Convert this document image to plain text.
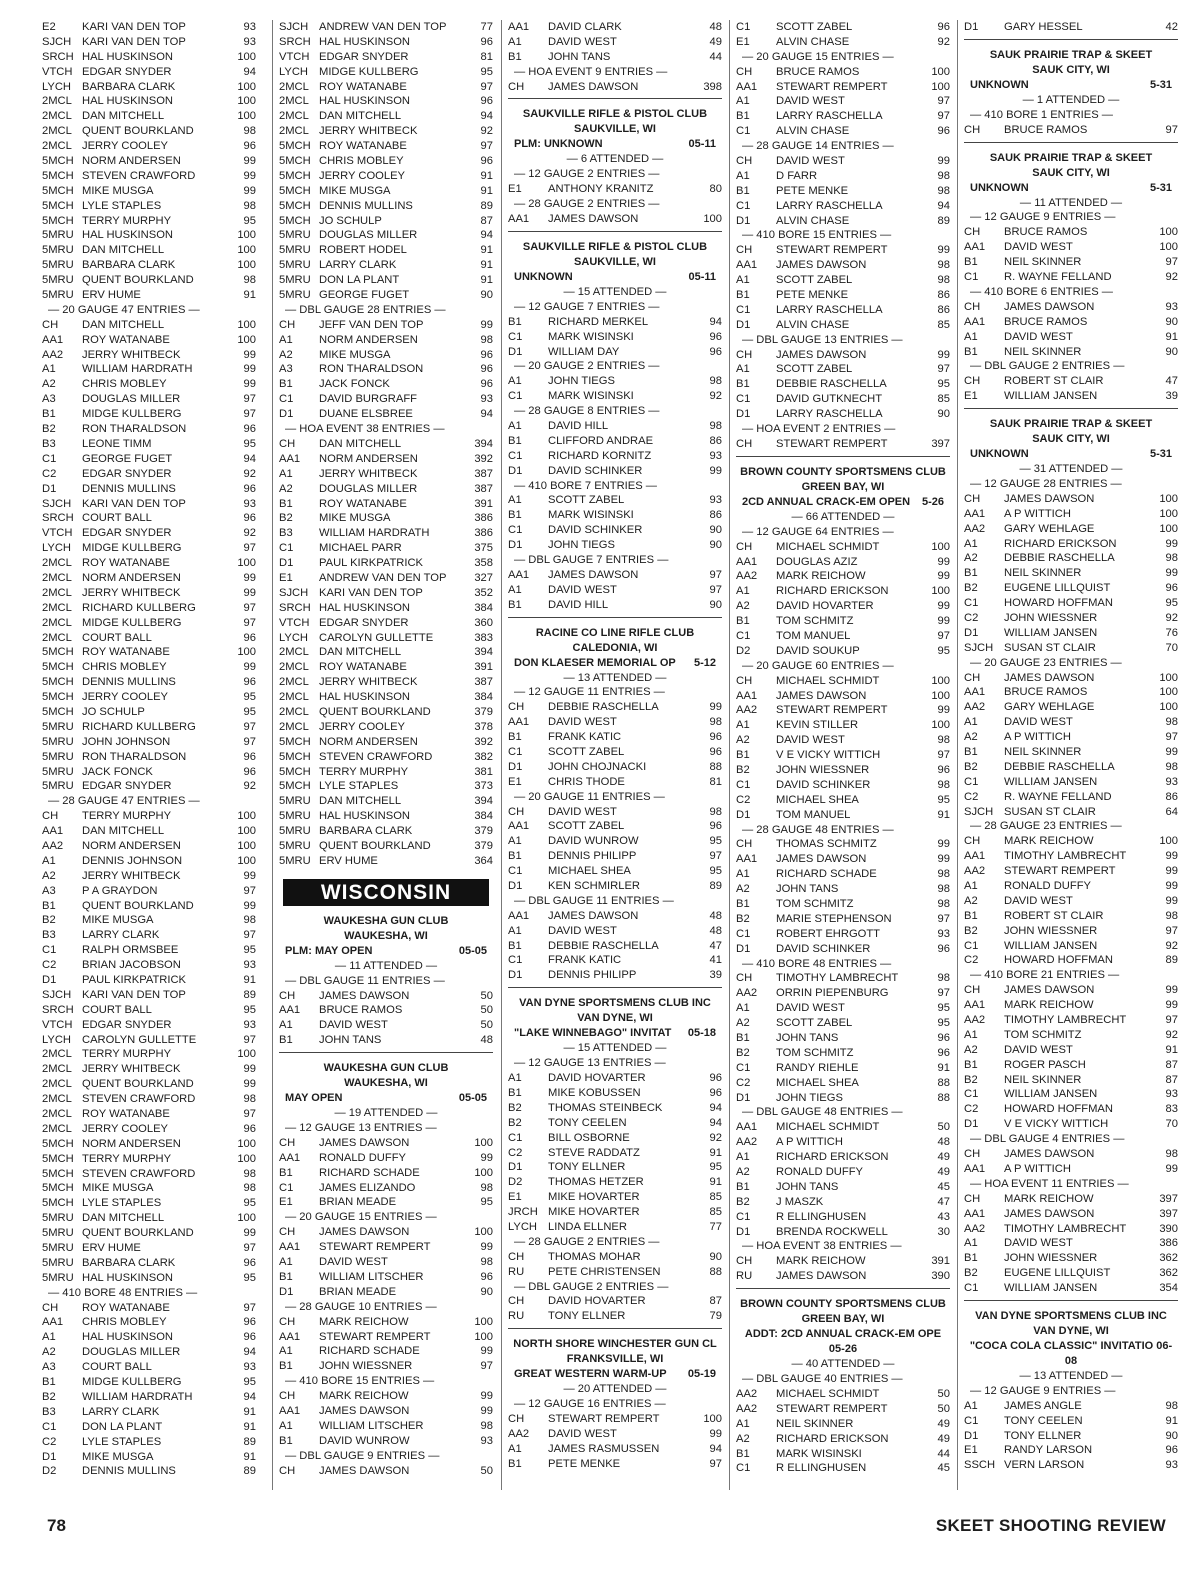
E2	KARI VAN DEN TOP	93
SJCH KARI VAN DEN TOP	93
SRCH HAL HUSKINSON	100
VTCH EDGAR SNYDER	94
LYCH BARBARA CLARK	100
2MCL HAL HUSKINSON	100
2MCL DAN MITCHELL	100
2MCL QUENT BOURKLAND	98
2MCL JERRY COOLEY	96
5MCH NORM ANDERSEN	99
5MCH STEVEN CRAWFORD	99
5MCH MIKE MUSGA	99
5MCH LYLE STAPLES	98
5MCH TERRY MURPHY	95
5MRU HAL HUSKINSON	100
5MRU DAN MITCHELL	100
5MRU BARBARA CLARK	100
5MRU QUENT BOURKLAND	98
5MRU ERV HUME	91
— 20 GAUGE 47 ENTRIES —
CH	DAN MITCHELL	100
AA1	ROY WATANABE	100
AA2	JERRY WHITBECK	99
A1	WILLIAM HARDRATH	99
A2	CHRIS MOBLEY	99
A3	DOUGLAS MILLER	97
B1	MIDGE KULLBERG	97
B2	RON THARALDSON	96
B3	LEONE TIMM	95
C1	GEORGE FUGET	94
C2	EDGAR SNYDER	92
D1	DENNIS MULLINS	96
SJCH KARI VAN DEN TOP	93
SRCH COURT BALL	96
VTCH EDGAR SNYDER	92
LYCH MIDGE KULLBERG	97
2MCL ROY WATANABE	100
2MCL NORM ANDERSEN	99
2MCL JERRY WHITBECK	99
2MCL RICHARD KULLBERG	97
2MCL MIDGE KULLBERG	97
2MCL COURT BALL	96
5MCH ROY WATANABE	100
5MCH CHRIS MOBLEY	99
5MCH DENNIS MULLINS	96
5MCH JERRY COOLEY	95
5MCH JO SCHULP	95
5MRU RICHARD KULLBERG	97
5MRU JOHN JOHNSON	97
5MRU RON THARALDSON	96
5MRU JACK FONCK	96
5MRU EDGAR SNYDER	92
— 28 GAUGE 47 ENTRIES —
CH	TERRY MURPHY	100
AA1	DAN MITCHELL	100
AA2	NORM ANDERSEN	100
A1	DENNIS JOHNSON	100
A2	JERRY WHITBECK	99
A3	P A GRAYDON	97
B1	QUENT BOURKLAND	99
B2	MIKE MUSGA	98
B3	LARRY CLARK	97
C1	RALPH ORMSBEE	95
C2	BRIAN JACOBSON	93
D1	PAUL KIRKPATRICK	91
SJCH KARI VAN DEN TOP	89
SRCH COURT BALL	95
VTCH EDGAR SNYDER	93
LYCH CAROLYN GULLETTE	97
2MCL TERRY MURPHY	100
2MCL JERRY WHITBECK	99
2MCL QUENT BOURKLAND	99
2MCL STEVEN CRAWFORD	98
2MCL ROY WATANABE	97
2MCL JERRY COOLEY	96
5MCH NORM ANDERSEN	100
5MCH TERRY MURPHY	100
5MCH STEVEN CRAWFORD	98
5MCH MIKE MUSGA	98
5MCH LYLE STAPLES	95
5MRU DAN MITCHELL	100
5MRU QUENT BOURKLAND	99
5MRU ERV HUME	97
5MRU BARBARA CLARK	96
5MRU HAL HUSKINSON	95
— 410 BORE 48 ENTRIES —
CH	ROY WATANABE	97
AA1	CHRIS MOBLEY	96
A1	HAL HUSKINSON	96
A2	DOUGLAS MILLER	94
A3	COURT BALL	93
B1	MIDGE KULLBERG	95
B2	WILLIAM HARDRATH	94
B3	LARRY CLARK	91
C1	DON LA PLANT	91
C2	LYLE STAPLES	89
D1	MIKE MUSGA	91
D2	DENNIS MULLINS	89
SJCH ANDREW VAN DEN TOP	77
SRCH HAL HUSKINSON	96
VTCH EDGAR SNYDER	81
LYCH MIDGE KULLBERG	95
2MCL ROY WATANABE	97
2MCL HAL HUSKINSON	96
2MCL DAN MITCHELL	94
2MCL JERRY WHITBECK	92
5MCH ROY WATANABE	97
5MCH CHRIS MOBLEY	96
5MCH JERRY COOLEY	91
5MCH MIKE MUSGA	91
5MCH DENNIS MULLINS	89
5MCH JO SCHULP	87
5MRU DOUGLAS MILLER	94
5MRU ROBERT HODEL	91
5MRU LARRY CLARK	91
5MRU DON LA PLANT	91
5MRU GEORGE FUGET	90
— DBL GAUGE 28 ENTRIES —
CH	JEFF VAN DEN TOP	99
A1	NORM ANDERSEN	98
A2	MIKE MUSGA	96
A3	RON THARALDSON	96
B1	JACK FONCK	96
C1	DAVID BURGRAFF	93
D1	DUANE ELSBREE	94
— HOA EVENT 38 ENTRIES —
CH	DAN MITCHELL	394
AA1	NORM ANDERSEN	392
A1	JERRY WHITBECK	387
A2	DOUGLAS MILLER	387
B1	ROY WATANABE	391
B2	MIKE MUSGA	386
B3	WILLIAM HARDRATH	386
C1	MICHAEL PARR	375
D1	PAUL KIRKPATRICK	358
E1	ANDREW VAN DEN TOP	327
SJCH KARI VAN DEN TOP	352
SRCH HAL HUSKINSON	384
VTCH EDGAR SNYDER	360
LYCH CAROLYN GULLETTE	383
2MCL DAN MITCHELL	394
2MCL ROY WATANABE	391
2MCL JERRY WHITBECK	387
2MCL HAL HUSKINSON	384
2MCL QUENT BOURKLAND	379
2MCL JERRY COOLEY	378
5MCH NORM ANDERSEN	392
5MCH STEVEN CRAWFORD	382
5MCH TERRY MURPHY	381
5MCH LYLE STAPLES	373
5MRU DAN MITCHELL	394
5MRU HAL HUSKINSON	384
5MRU BARBARA CLARK	379
5MRU QUENT BOURKLAND	379
5MRU ERV HUME	364
WISCONSIN
WAUKESHA GUN CLUB
WAUKESHA, WI
PLM: MAY OPEN	05-05
— 11 ATTENDED —
— DBL GAUGE 11 ENTRIES —
CH	JAMES DAWSON	50
AA1	BRUCE RAMOS	50
A1	DAVID WEST	50
B1	JOHN TANS	48
WAUKESHA GUN CLUB
WAUKESHA, WI
MAY OPEN	05-05
— 19 ATTENDED —
— 12 GAUGE 13 ENTRIES —
CH	JAMES DAWSON	100
AA1	RONALD DUFFY	99
B1	RICHARD SCHADE	100
C1	JAMES ELIZANDO	98
E1	BRIAN MEADE	95
— 20 GAUGE 15 ENTRIES —
CH	JAMES DAWSON	100
AA1	STEWART REMPERT	99
A1	DAVID WEST	98
B1	WILLIAM LITSCHER	96
D1	BRIAN MEADE	90
— 28 GAUGE 10 ENTRIES —
CH	MARK REICHOW	100
AA1	STEWART REMPERT	100
A1	RICHARD SCHADE	99
B1	JOHN WIESSNER	97
— 410 BORE 15 ENTRIES —
CH	MARK REICHOW	99
AA1	JAMES DAWSON	99
A1	WILLIAM LITSCHER	98
B1	DAVID WUNROW	93
— DBL GAUGE 9 ENTRIES —
CH	JAMES DAWSON	50
AA1	DAVID CLARK	48
A1	DAVID WEST	49
B1	JOHN TANS	44
— HOA EVENT 9 ENTRIES —
CH	JAMES DAWSON	398
SAUKVILLE RIFLE & PISTOL CLUB
SAUKVILLE, WI
PLM: UNKNOWN	05-11
— 6 ATTENDED —
— 12 GAUGE 2 ENTRIES —
E1	ANTHONY KRANITZ	80
— 28 GAUGE 2 ENTRIES —
AA1	JAMES DAWSON	100
SAUKVILLE RIFLE & PISTOL CLUB
SAUKVILLE, WI
UNKNOWN	05-11
— 15 ATTENDED —
— 12 GAUGE 7 ENTRIES —
B1	RICHARD MERKEL	94
C1	MARK WISINSKI	96
D1	WILLIAM DAY	96
— 20 GAUGE 2 ENTRIES —
A1	JOHN TIEGS	98
C1	MARK WISINSKI	92
— 28 GAUGE 8 ENTRIES —
A1	DAVID HILL	98
B1	CLIFFORD ANDRAE	86
C1	RICHARD KORNITZ	93
D1	DAVID SCHINKER	99
— 410 BORE 7 ENTRIES —
A1	SCOTT ZABEL	93
B1	MARK WISINSKI	86
C1	DAVID SCHINKER	90
D1	JOHN TIEGS	90
— DBL GAUGE 7 ENTRIES —
AA1	JAMES DAWSON	97
A1	DAVID WEST	97
B1	DAVID HILL	90
RACINE CO LINE RIFLE CLUB
CALEDONIA, WI
DON KLAESER MEMORIAL OP 5-12
— 13 ATTENDED —
— 12 GAUGE 11 ENTRIES —
CH	DEBBIE RASCHELLA	99
AA1	DAVID WEST	98
B1	FRANK KATIC	96
C1	SCOTT ZABEL	96
D1	JOHN CHOJNACKI	88
E1	CHRIS THODE	81
— 20 GAUGE 11 ENTRIES —
CH	DAVID WEST	98
AA1	SCOTT ZABEL	96
A1	DAVID WUNROW	95
B1	DENNIS PHILIPP	97
C1	MICHAEL SHEA	95
D1	KEN SCHMIRLER	89
— DBL GAUGE 11 ENTRIES —
AA1	JAMES DAWSON	48
A1	DAVID WEST	48
B1	DEBBIE RASCHELLA	47
C1	FRANK KATIC	41
D1	DENNIS PHILIPP	39
VAN DYNE SPORTSMENS CLUB INC
VAN DYNE, WI
"LAKE WINNEBAGO" INVITAT 05-18
— 15 ATTENDED —
— 12 GAUGE 13 ENTRIES —
A1	DAVID HOVARTER	96
B1	MIKE KOBUSSEN	96
B2	THOMAS STEINBECK	94
B2	TONY CEELEN	94
C1	BILL OSBORNE	92
C2	STEVE RADDATZ	91
D1	TONY ELLNER	95
D2	THOMAS HETZER	91
E1	MIKE HOVARTER	85
JRCH MIKE HOVARTER	85
LYCH LINDA ELLNER	77
— 28 GAUGE 2 ENTRIES —
CH	THOMAS MOHAR	90
RU	PETE CHRISTENSEN	88
— DBL GAUGE 2 ENTRIES —
CH	DAVID HOVARTER	87
RU	TONY ELLNER	79
NORTH SHORE WINCHESTER GUN CL
FRANKSVILLE, WI
GREAT WESTERN WARM-UP 05-19
— 20 ATTENDED —
— 12 GAUGE 16 ENTRIES —
CH	STEWART REMPERT	100
AA2	DAVID WEST	99
A1	JAMES RASMUSSEN	94
B1	PETE MENKE	97
C1	SCOTT ZABEL	96
E1	ALVIN CHASE	92
— 20 GAUGE 15 ENTRIES —
CH	BRUCE RAMOS	100
AA1	STEWART REMPERT	100
A1	DAVID WEST	97
B1	LARRY RASCHELLA	97
C1	ALVIN CHASE	96
— 28 GAUGE 14 ENTRIES —
CH	DAVID WEST	99
A1	D FARR	98
B1	PETE MENKE	98
C1	LARRY RASCHELLA	94
D1	ALVIN CHASE	89
— 410 BORE 15 ENTRIES —
CH	STEWART REMPERT	99
AA1	JAMES DAWSON	98
A1	SCOTT ZABEL	98
B1	PETE MENKE	86
C1	LARRY RASCHELLA	86
D1	ALVIN CHASE	85
— DBL GAUGE 13 ENTRIES —
CH	JAMES DAWSON	99
A1	SCOTT ZABEL	97
B1	DEBBIE RASCHELLA	95
C1	DAVID GUTKNECHT	85
D1	LARRY RASCHELLA	90
— HOA EVENT 2 ENTRIES —
CH	STEWART REMPERT	397
BROWN COUNTY SPORTSMENS CLUB
GREEN BAY, WI
2CD ANNUAL CRACK-EM OPEN 5-26
— 66 ATTENDED —
— 12 GAUGE 64 ENTRIES —
CH	MICHAEL SCHMIDT	100
AA1	DOUGLAS AZIZ	99
AA2	MARK REICHOW	99
A1	RICHARD ERICKSON	100
A2	DAVID HOVARTER	99
B1	TOM SCHMITZ	99
C1	TOM MANUEL	97
D2	DAVID SOUKUP	95
— 20 GAUGE 60 ENTRIES —
CH	MICHAEL SCHMIDT	100
AA1	JAMES DAWSON	100
AA2	STEWART REMPERT	99
A1	KEVIN STILLER	100
A2	DAVID WEST	98
B1	V E VICKY WITTICH	97
B2	JOHN WIESSNER	96
C1	DAVID SCHINKER	98
C2	MICHAEL SHEA	95
D1	TOM MANUEL	91
— 28 GAUGE 48 ENTRIES —
CH	THOMAS SCHMITZ	99
AA1	JAMES DAWSON	99
A1	RICHARD SCHADE	98
A2	JOHN TANS	98
B1	TOM SCHMITZ	98
B2	MARIE STEPHENSON	97
C1	ROBERT EHRGOTT	93
D1	DAVID SCHINKER	96
— 410 BORE 48 ENTRIES —
CH	TIMOTHY LAMBRECHT	98
AA2	ORRIN PIEPENBURG	97
A1	DAVID WEST	95
A2	SCOTT ZABEL	95
B1	JOHN TANS	96
B2	TOM SCHMITZ	96
C1	RANDY RIEHLE	91
C2	MICHAEL SHEA	88
D1	JOHN TIEGS	88
— DBL GAUGE 48 ENTRIES —
AA1	MICHAEL SCHMIDT	50
AA2	A P WITTICH	48
A1	RICHARD ERICKSON	49
A2	RONALD DUFFY	49
B1	JOHN TANS	45
B2	J MASZK	47
C1	R ELLINGHUSEN	43
D1	BRENDA ROCKWELL	30
— HOA EVENT 38 ENTRIES —
CH	MARK REICHOW	391
RU	JAMES DAWSON	390
BROWN COUNTY SPORTSMENS CLUB
GREEN BAY, WI
ADDT: 2CD ANNUAL CRACK-EM OPE
05-26
— 40 ATTENDED —
— DBL GAUGE 40 ENTRIES —
AA2	MICHAEL SCHMIDT	50
AA2	STEWART REMPERT	50
A1	NEIL SKINNER	49
A2	RICHARD ERICKSON	49
B1	MARK WISINSKI	44
C1	R ELLINGHUSEN	45
D1	GARY HESSEL	42
SAUK PRAIRIE TRAP & SKEET
SAUK CITY, WI
UNKNOWN	5-31
— 1 ATTENDED —
— 410 BORE 1 ENTRIES —
CH	BRUCE RAMOS	97
SAUK PRAIRIE TRAP & SKEET
SAUK CITY, WI
UNKNOWN	5-31
— 11 ATTENDED —
— 12 GAUGE 9 ENTRIES —
CH	BRUCE RAMOS	100
AA1	DAVID WEST	100
B1	NEIL SKINNER	97
C1	R. WAYNE FELLAND	92
— 410 BORE 6 ENTRIES —
CH	JAMES DAWSON	93
AA1	BRUCE RAMOS	90
A1	DAVID WEST	91
B1	NEIL SKINNER	90
— DBL GAUGE 2 ENTRIES —
CH	ROBERT ST CLAIR	47
E1	WILLIAM JANSEN	39
SAUK PRAIRIE TRAP & SKEET
SAUK CITY, WI
UNKNOWN	5-31
— 31 ATTENDED —
— 12 GAUGE 28 ENTRIES —
CH	JAMES DAWSON	100
AA1	A P WITTICH	100
AA2	GARY WEHLAGE	100
A1	RICHARD ERICKSON	99
A2	DEBBIE RASCHELLA	98
B1	NEIL SKINNER	99
B2	EUGENE LILLQUIST	96
C1	HOWARD HOFFMAN	95
C2	JOHN WIESSNER	92
D1	WILLIAM JANSEN	76
SJCH SUSAN ST CLAIR	70
— 20 GAUGE 23 ENTRIES —
CH	JAMES DAWSON	100
AA1	BRUCE RAMOS	100
AA2	GARY WEHLAGE	100
A1	DAVID WEST	98
A2	A P WITTICH	97
B1	NEIL SKINNER	99
B2	DEBBIE RASCHELLA	98
C1	WILLIAM JANSEN	93
C2	R. WAYNE FELLAND	86
SJCH SUSAN ST CLAIR	64
— 28 GAUGE 23 ENTRIES —
CH	MARK REICHOW	100
AA1	TIMOTHY LAMBRECHT	99
AA2	STEWART REMPERT	99
A1	RONALD DUFFY	99
A2	DAVID WEST	99
B1	ROBERT ST CLAIR	98
B2	JOHN WIESSNER	97
C1	WILLIAM JANSEN	92
C2	HOWARD HOFFMAN	89
— 410 BORE 21 ENTRIES —
CH	JAMES DAWSON	99
AA1	MARK REICHOW	99
AA2	TIMOTHY LAMBRECHT	97
A1	TOM SCHMITZ	92
A2	DAVID WEST	91
B1	ROGER PASCH	87
B2	NEIL SKINNER	87
C1	WILLIAM JANSEN	93
C2	HOWARD HOFFMAN	83
D1	V E VICKY WITTICH	70
— DBL GAUGE 4 ENTRIES —
CH	JAMES DAWSON	98
AA1	A P WITTICH	99
— HOA EVENT 11 ENTRIES —
CH	MARK REICHOW	397
AA1	JAMES DAWSON	397
AA2	TIMOTHY LAMBRECHT	390
A1	DAVID WEST	386
B1	JOHN WIESSNER	362
B2	EUGENE LILLQUIST	362
C1	WILLIAM JANSEN	354
VAN DYNE SPORTSMENS CLUB INC
VAN DYNE, WI
"COCA COLA CLASSIC" INVITATIO 06-
08
— 13 ATTENDED —
— 12 GAUGE 9 ENTRIES —
A1	JAMES ANGLE	98
C1	TONY CEELEN	91
D1	TONY ELLNER	90
E1	RANDY LARSON	96
SSCH VERN LARSON	93
78	SKEET SHOOTING REVIEW
